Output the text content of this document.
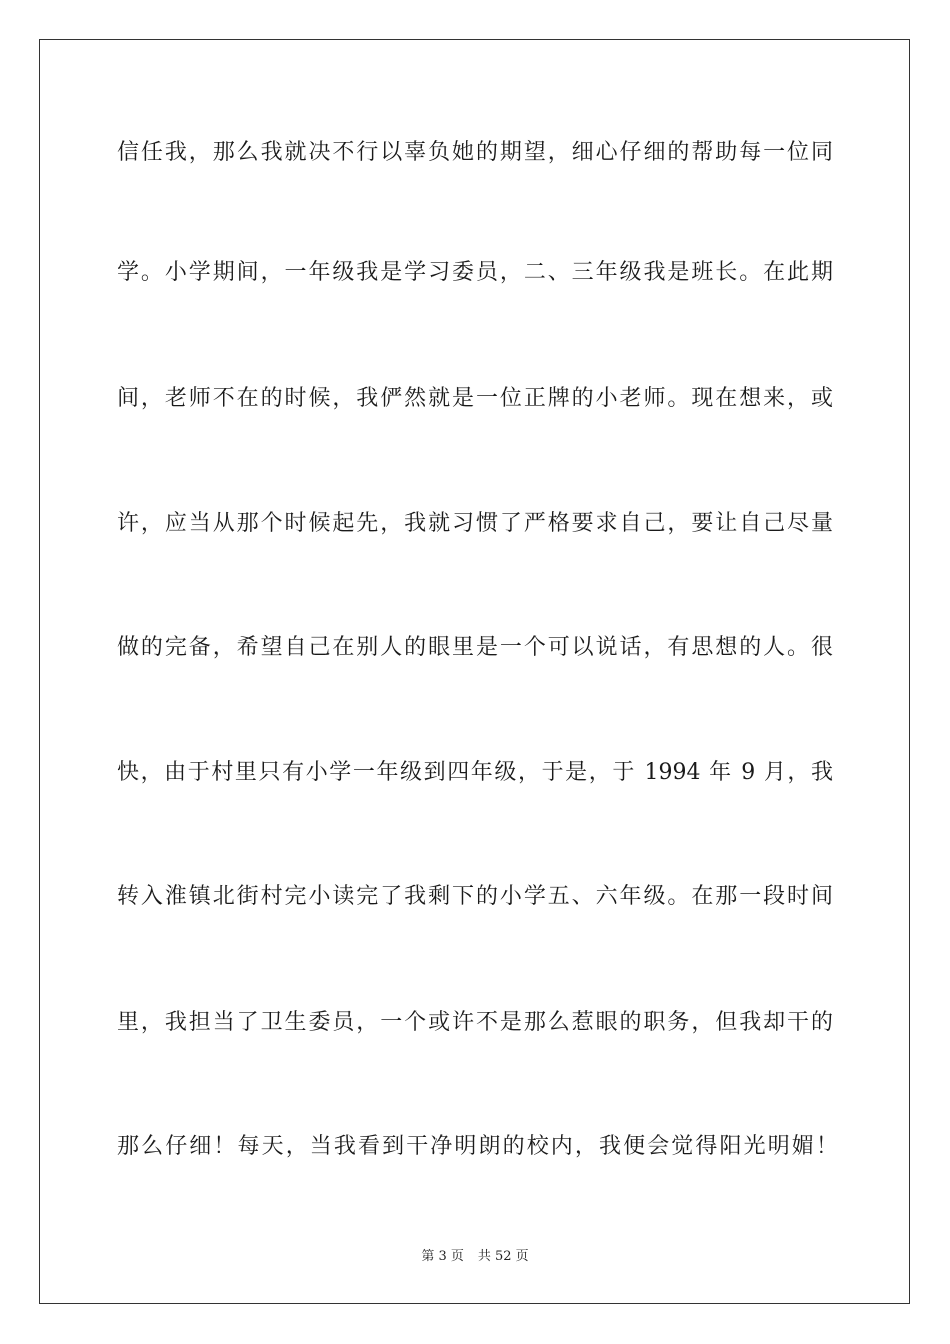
信任我，那么我就决不行以辜负她的期望，细心仔细的帮助每一位同
学。小学期间，一年级我是学习委员，二、三年级我是班长。在此期
间，老师不在的时候，我俨然就是一位正牌的小老师。现在想来，或
许，应当从那个时候起先，我就习惯了严格要求自己，要让自己尽量
做的完备，希望自己在别人的眼里是一个可以说话，有思想的人。很
快，由于村里只有小学一年级到四年级，于是，于 1994 年 9 月，我
转入淮镇北街村完小读完了我剩下的小学五、六年级。在那一段时间
里，我担当了卫生委员，一个或许不是那么惹眼的职务，但我却干的
那么仔细！每天，当我看到干净明朗的校内，我便会觉得阳光明媚！
第 3 页 共 52 页
